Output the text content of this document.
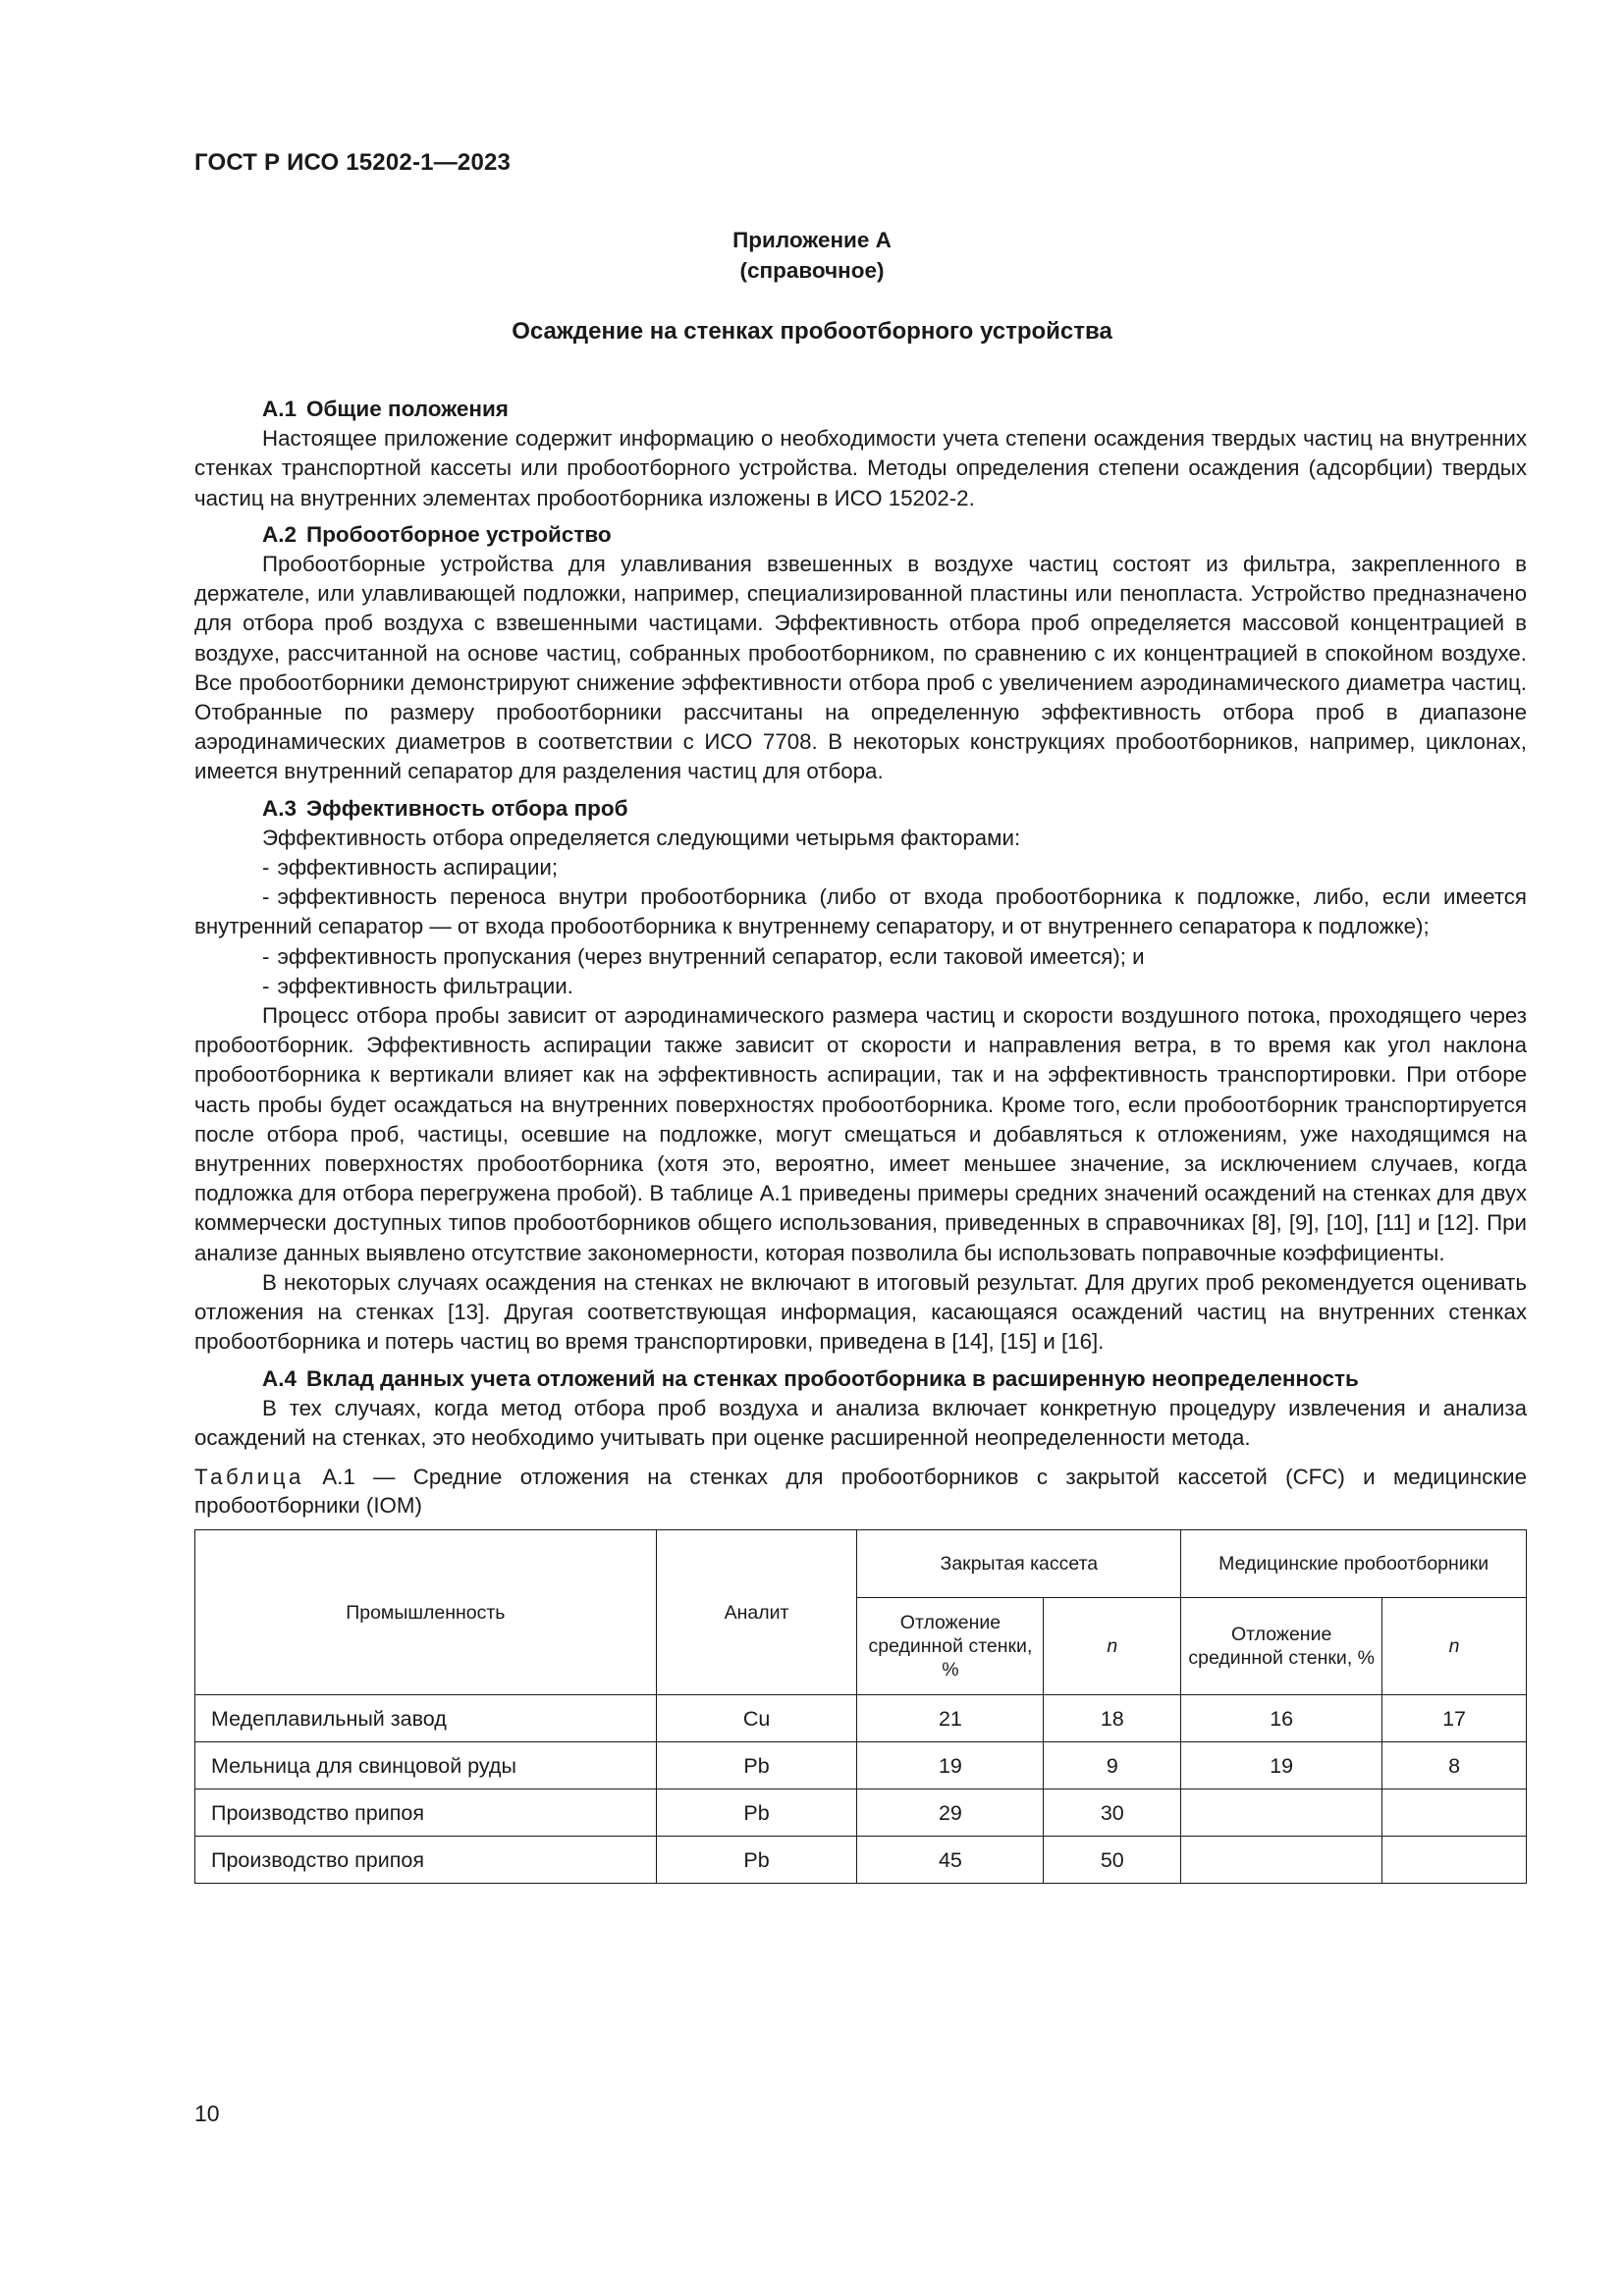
ГОСТ Р ИСО 15202-1—2023
Приложение А
(справочное)
Осаждение на стенках пробоотборного устройства
А.1 Общие положения

Настоящее приложение содержит информацию о необходимости учета степени осаждения твердых частиц на внутренних стенках транспортной кассеты или пробоотборного устройства. Методы определения степени осаждения (адсорбции) твердых частиц на внутренних элементах пробоотборника изложены в ИСО 15202-2.

А.2 Пробоотборное устройство

Пробоотборные устройства для улавливания взвешенных в воздухе частиц состоят из фильтра, закрепленного в держателе, или улавливающей подложки, например, специализированной пластины или пенопласта. Устройство предназначено для отбора проб воздуха с взвешенными частицами. Эффективность отбора проб определяется массовой концентрацией в воздухе, рассчитанной на основе частиц, собранных пробоотборником, по сравнению с их концентрацией в спокойном воздухе. Все пробоотборники демонстрируют снижение эффективности отбора проб с увеличением аэродинамического диаметра частиц. Отобранные по размеру пробоотборники рассчитаны на определенную эффективность отбора проб в диапазоне аэродинамических диаметров в соответствии с ИСО 7708. В некоторых конструкциях пробоотборников, например, циклонах, имеется внутренний сепаратор для разделения частиц для отбора.

А.3 Эффективность отбора проб

Эффективность отбора определяется следующими четырьмя факторами:

- эффективность аспирации;
- эффективность переноса внутри пробоотборника (либо от входа пробоотборника к подложке, либо, если имеется внутренний сепаратор — от входа пробоотборника к внутреннему сепаратору, и от внутреннего сепаратора к подложке);
- эффективность пропускания (через внутренний сепаратор, если таковой имеется); и
- эффективность фильтрации.

Процесс отбора пробы зависит от аэродинамического размера частиц и скорости воздушного потока, проходящего через пробоотборник. Эффективность аспирации также зависит от скорости и направления ветра, в то время как угол наклона пробоотборника к вертикали влияет как на эффективность аспирации, так и на эффективность транспортировки. При отборе часть пробы будет осаждаться на внутренних поверхностях пробоотборника. Кроме того, если пробоотборник транспортируется после отбора проб, частицы, осевшие на подложке, могут смещаться и добавляться к отложениям, уже находящимся на внутренних поверхностях пробоотборника (хотя это, вероятно, имеет меньшее значение, за исключением случаев, когда подложка для отбора перегружена пробой). В таблице А.1 приведены примеры средних значений осаждений на стенках для двух коммерчески доступных типов пробоотборников общего использования, приведенных в справочниках [8], [9], [10], [11] и [12]. При анализе данных выявлено отсутствие закономерности, которая позволила бы использовать поправочные коэффициенты.

В некоторых случаях осаждения на стенках не включают в итоговый результат. Для других проб рекомендуется оценивать отложения на стенках [13]. Другая соответствующая информация, касающаяся осаждений частиц на внутренних стенках пробоотборника и потерь частиц во время транспортировки, приведена в [14], [15] и [16].

А.4 Вклад данных учета отложений на стенках пробоотборника в расширенную неопределенность

В тех случаях, когда метод отбора проб воздуха и анализа включает конкретную процедуру извлечения и анализа осаждений на стенках, это необходимо учитывать при оценке расширенной неопределенности метода.

Таблица А.1 — Средние отложения на стенках для пробоотборников с закрытой кассетой (CFC) и медицинские пробоотборники (IOM)

Промышленность	Аналит	Закрытая кассета		Медицинские пробоотборники	
		Отложение срединной стенки, %	n	Отложение срединной стенки, %	n
Медеплавильный завод	Cu	21	18	16	17
Мельница для свинцовой руды	Pb	19	9	19	8
Производство припоя	Pb	29	30		
Производство припоя	Pb	45	50		
10
